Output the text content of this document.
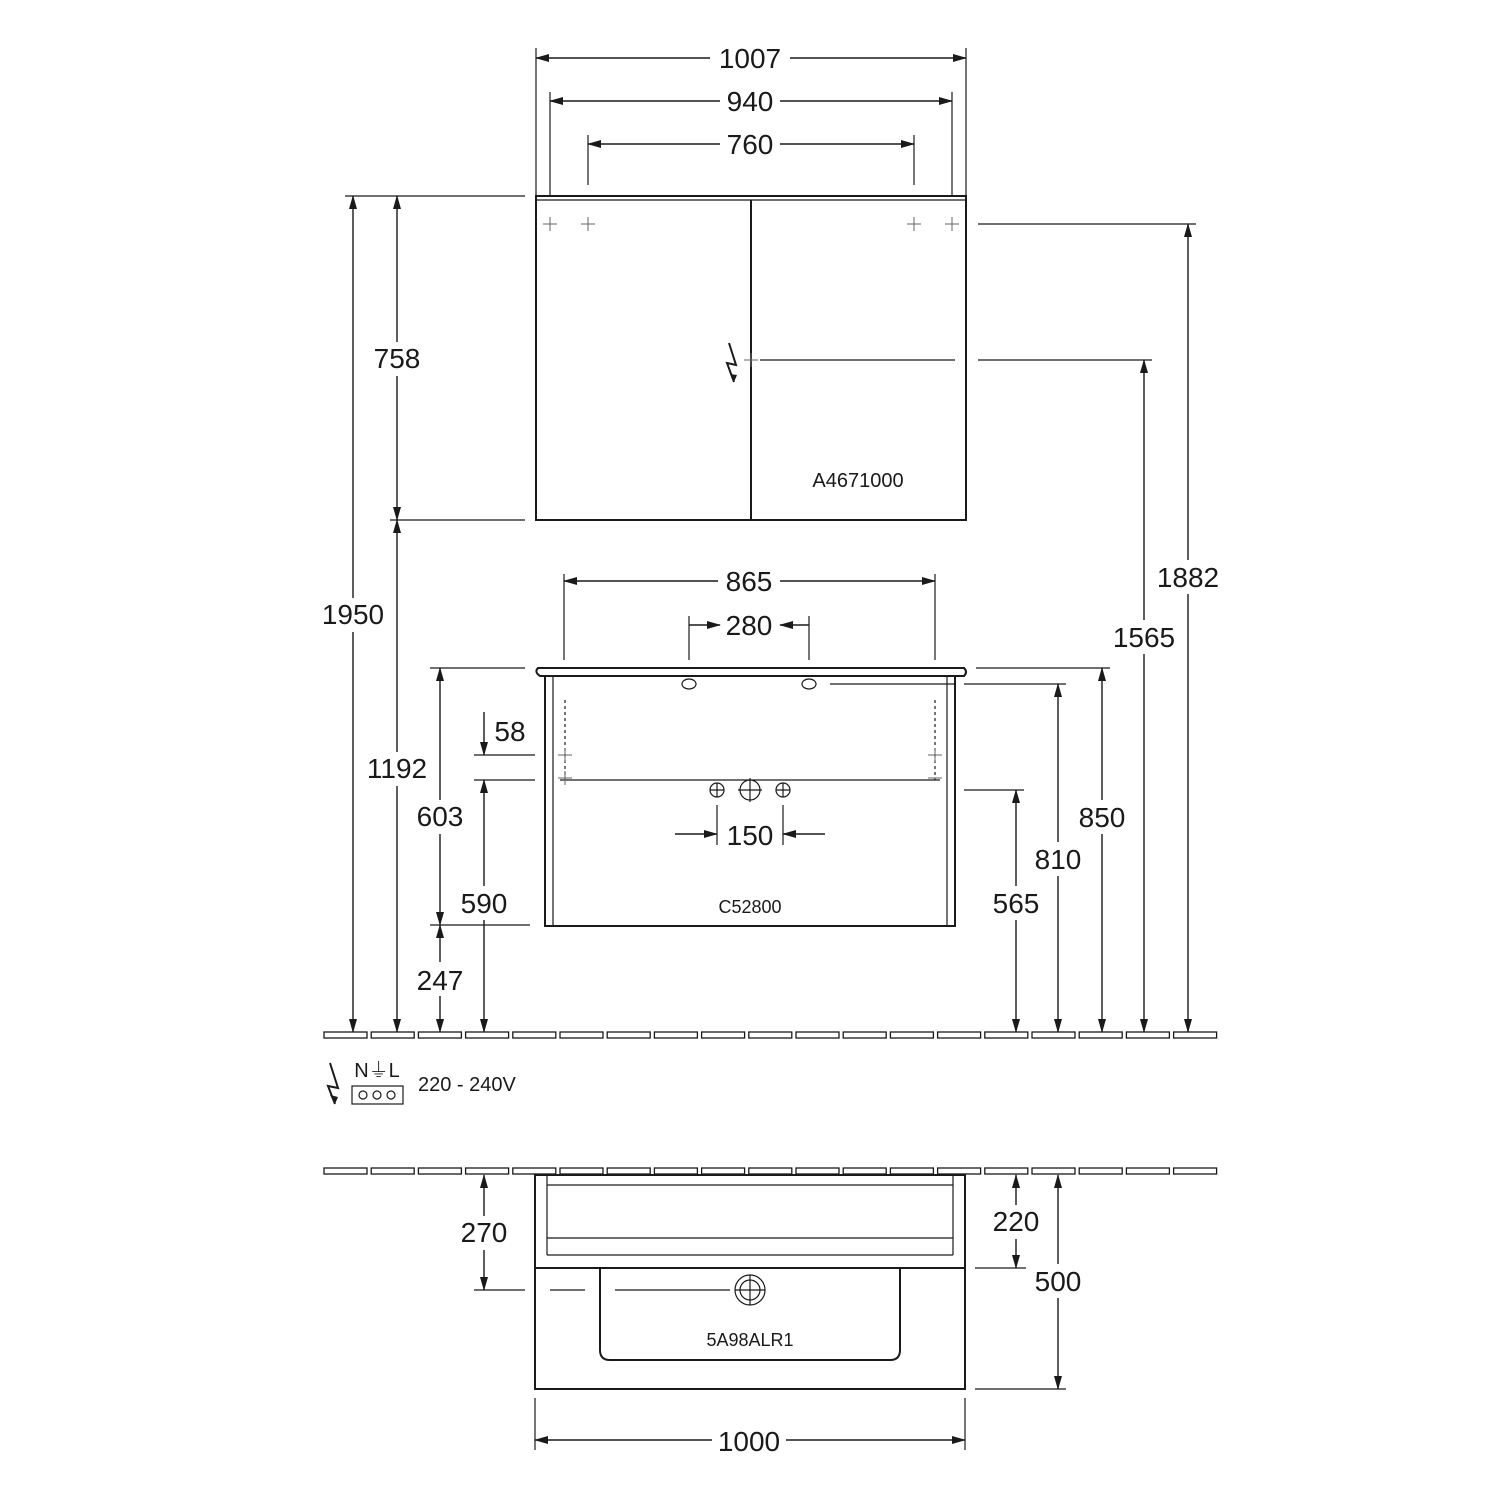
A4671000
1007
940
760
1950
758
1192
603
247
58
590	C52800
865
280
150
1882
1565
850
810
565
N⏚L
220 - 240V
5A98ALR1
270	220
500
1000
